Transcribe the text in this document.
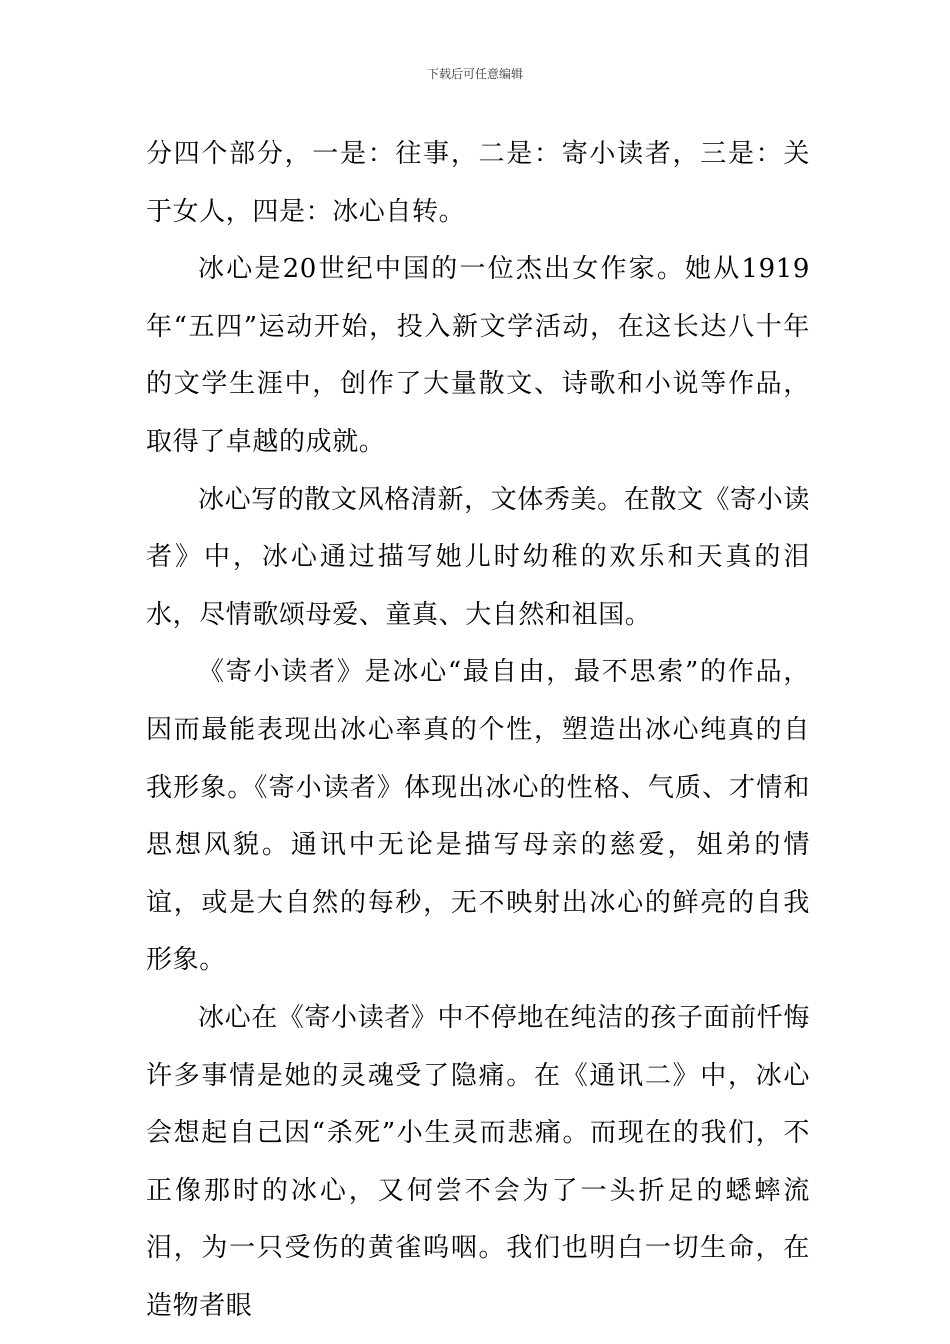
下载后可任意编辑

分四个部分，一是：往事，二是：寄小读者，三是：关于女人，四是：冰心自转。

冰心是20世纪中国的一位杰出女作家。她从1919年“五四”运动开始，投入新文学活动，在这长达八十年的文学生涯中，创作了大量散文、诗歌和小说等作品，取得了卓越的成就。

冰心写的散文风格清新，文体秀美。在散文《寄小读者》中，冰心通过描写她儿时幼稚的欢乐和天真的泪水，尽情歌颂母爱、童真、大自然和祖国。

《寄小读者》是冰心“最自由，最不思索”的作品，因而最能表现出冰心率真的个性，塑造出冰心纯真的自我形象。《寄小读者》体现出冰心的性格、气质、才情和思想风貌。通讯中无论是描写母亲的慈爱，姐弟的情谊，或是大自然的每秒，无不映射出冰心的鲜亮的自我形象。

冰心在《寄小读者》中不停地在纯洁的孩子面前忏悔许多事情是她的灵魂受了隐痛。在《通讯二》中，冰心会想起自己因“杀死”小生灵而悲痛。而现在的我们，不正像那时的冰心，又何尝不会为了一头折足的蟋蟀流泪，为一只受伤的黄雀呜咽。我们也明白一切生命，在造物者眼
